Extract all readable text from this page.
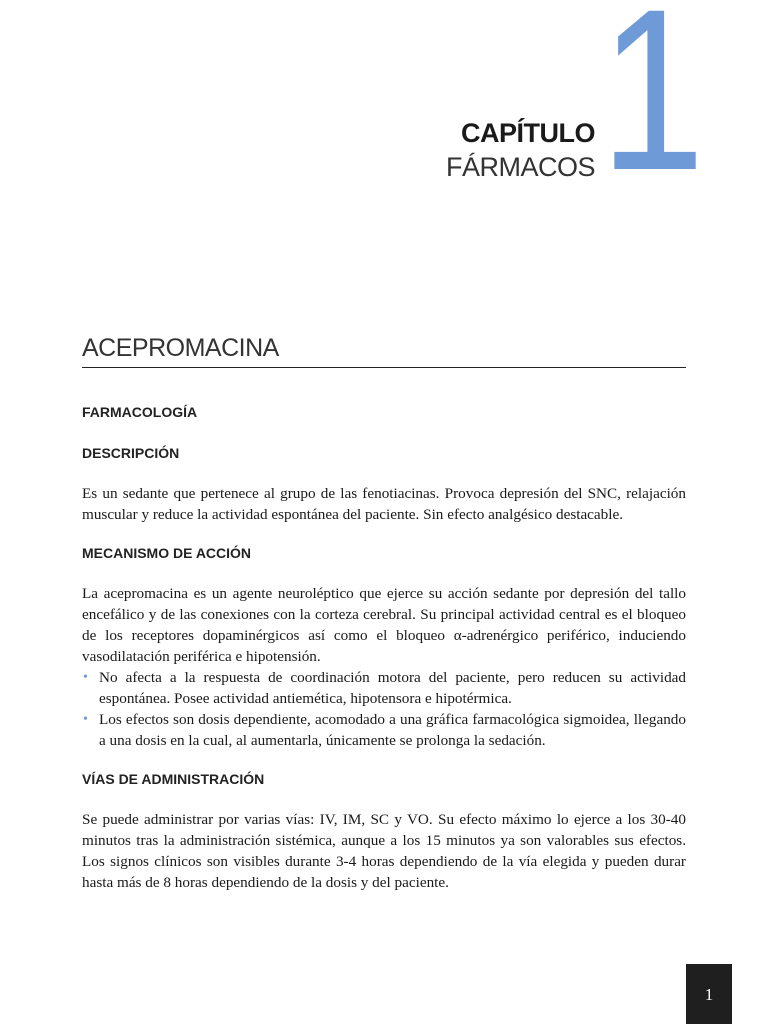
1
CAPÍTULO
FÁRMACOS
ACEPROMACINA
FARMACOLOGÍA
DESCRIPCIÓN

Es un sedante que pertenece al grupo de las fenotiacinas. Provoca depresión del SNC, relajación muscular y reduce la actividad espontánea del paciente. Sin efecto analgésico destacable.

MECANISMO DE ACCIÓN

La acepromacina es un agente neuroléptico que ejerce su acción sedante por depresión del tallo encefálico y de las conexiones con la corteza cerebral. Su principal actividad central es el bloqueo de los receptores dopaminérgicos así como el bloqueo α-adrenérgico periférico, induciendo vasodilatación periférica e hipotensión.

• No afecta a la respuesta de coordinación motora del paciente, pero reducen su actividad espontánea. Posee actividad antiemética, hipotensora e hipotérmica.
• Los efectos son dosis dependiente, acomodado a una gráfica farmacológica sigmoidea, llegando a una dosis en la cual, al aumentarla, únicamente se prolonga la sedación.
VÍAS DE ADMINISTRACIÓN

Se puede administrar por varias vías: IV, IM, SC y VO. Su efecto máximo lo ejerce a los 30-40 minutos tras la administración sistémica, aunque a los 15 minutos ya son valorables sus efectos. Los signos clínicos son visibles durante 3-4 horas dependiendo de la vía elegida y pueden durar hasta más de 8 horas dependiendo de la dosis y del paciente.

1
